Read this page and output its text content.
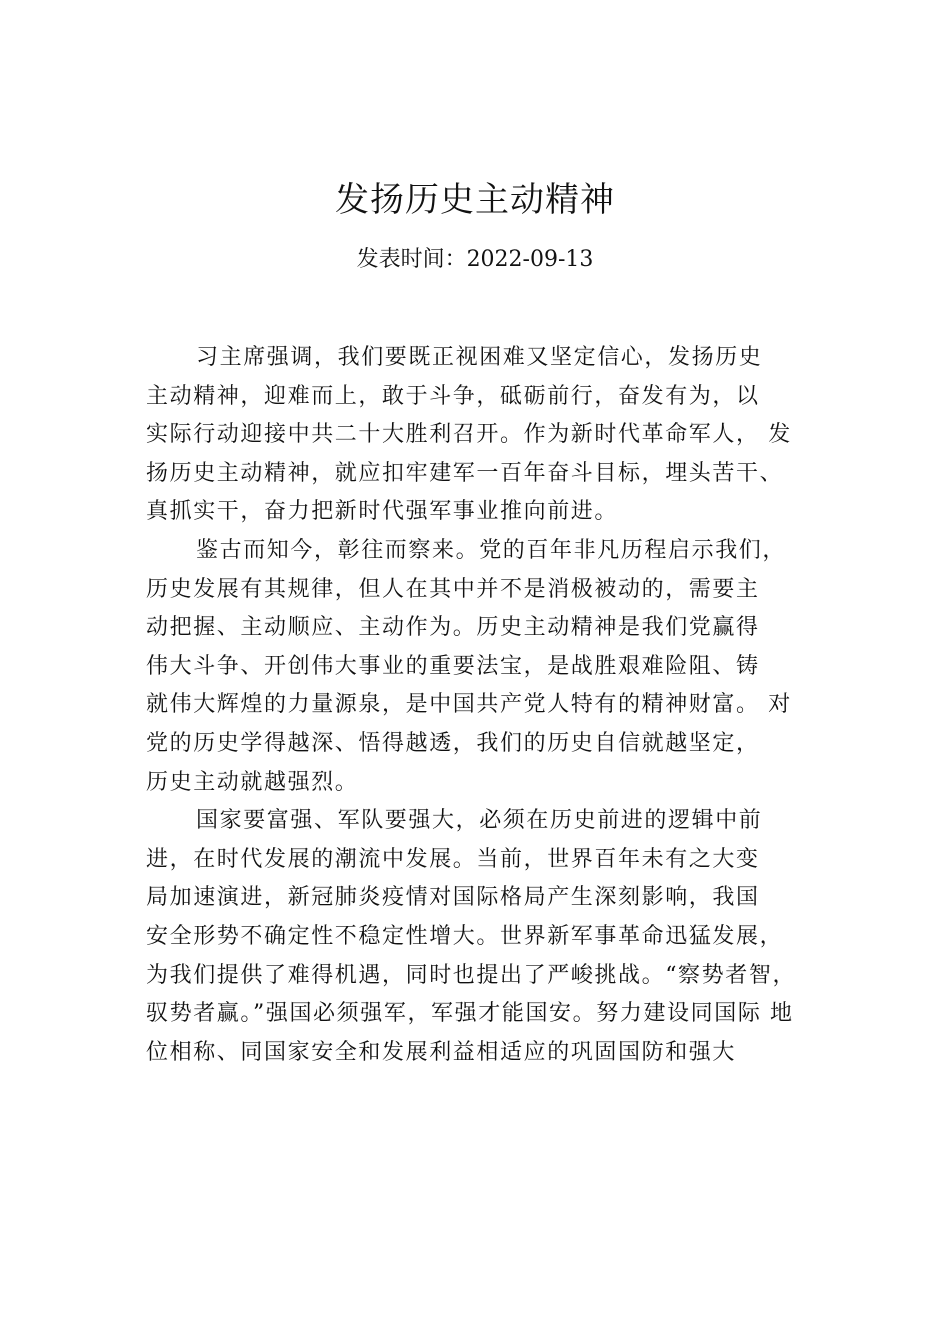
发扬历史主动精神
发表时间：2022-09-13
习主席强调，我们要既正视困难又坚定信心，发扬历史
主动精神，迎难而上，敢于斗争，砥砺前行，奋发有为，以
实际行动迎接中共二十大胜利召开。作为新时代革命军人， 发
扬历史主动精神，就应扣牢建军一百年奋斗目标，埋头苦干、
真抓实干，奋力把新时代强军事业推向前进。
鉴古而知今，彰往而察来。党的百年非凡历程启示我们，
历史发展有其规律，但人在其中并不是消极被动的，需要主
动把握、主动顺应、主动作为。历史主动精神是我们党赢得
伟大斗争、开创伟大事业的重要法宝，是战胜艰难险阻、铸
就伟大辉煌的力量源泉，是中国共产党人特有的精神财富。 对
党的历史学得越深、悟得越透，我们的历史自信就越坚定，
历史主动就越强烈。
国家要富强、军队要强大，必须在历史前进的逻辑中前
进，在时代发展的潮流中发展。当前，世界百年未有之大变
局加速演进，新冠肺炎疫情对国际格局产生深刻影响，我国
安全形势不确定性不稳定性增大。世界新军事革命迅猛发展，
为我们提供了难得机遇，同时也提出了严峻挑战。“察势者智，
驭势者赢。”强国必须强军，军强才能国安。努力建设同国际 地
位相称、同国家安全和发展利益相适应的巩固国防和强大
